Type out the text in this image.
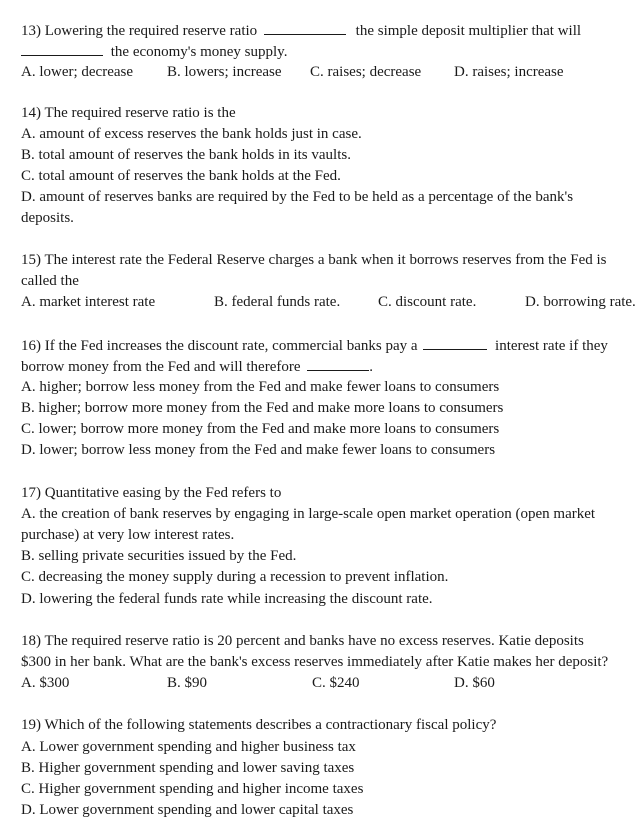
13) Lowering the required reserve ratio	the simple deposit multiplier that will
the economy's money supply.
A. lower; decrease B. lowers; increase C. raises; decrease D. raises; increase
14) The required reserve ratio is the
A. amount of excess reserves the bank holds just in case.
B. total amount of reserves the bank holds in its vaults.
C. total amount of reserves the bank holds at the Fed.
D. amount of reserves banks are required by the Fed to be held as a percentage of the bank's
deposits.
15) The interest rate the Federal Reserve charges a bank when it borrows reserves from the Fed is
called the
A. market interest rate	B. federal funds rate.	C. discount rate.	D. borrowing rate.
16) If the Fed increases the discount rate, commercial banks pay a	interest rate if they
borrow money from the Fed and will therefore	.
A. higher; borrow less money from the Fed and make fewer loans to consumers
B. higher; borrow more money from the Fed and make more loans to consumers
C. lower; borrow more money from the Fed and make more loans to consumers
D. lower; borrow less money from the Fed and make fewer loans to consumers
17) Quantitative easing by the Fed refers to
A. the creation of bank reserves by engaging in large-scale open market operation (open market
purchase) at very low interest rates.
B. selling private securities issued by the Fed.
C. decreasing the money supply during a recession to prevent inflation.
D. lowering the federal funds rate while increasing the discount rate.
18) The required reserve ratio is 20 percent and banks have no excess reserves. Katie deposits
$300 in her bank. What are the bank's excess reserves immediately after Katie makes her deposit?
A. $300	B. $90	C. $240	D. $60
19) Which of the following statements describes a contractionary fiscal policy?
A. Lower government spending and higher business tax
B. Higher government spending and lower saving taxes
C. Higher government spending and higher income taxes
D. Lower government spending and lower capital taxes
